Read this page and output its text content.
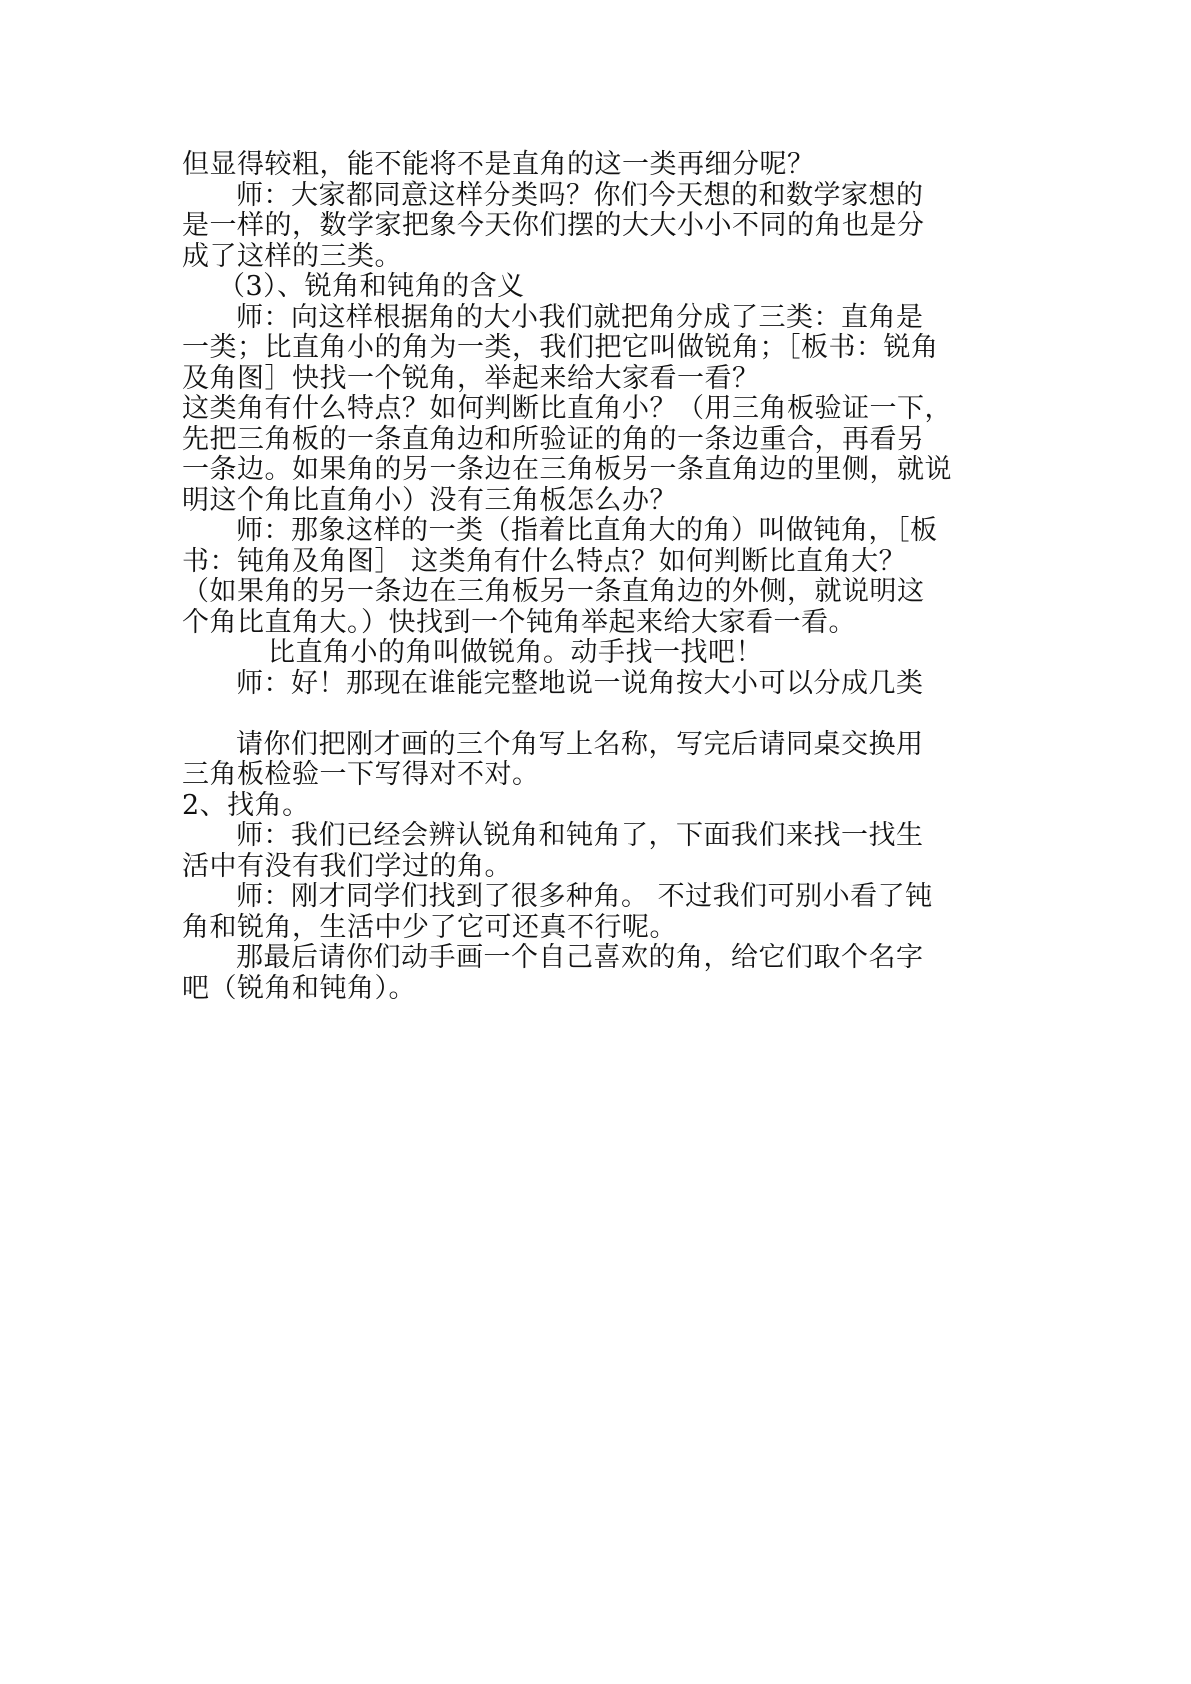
但显得较粗，能不能将不是直角的这一类再细分呢？
师：大家都同意这样分类吗？你们今天想的和数学家想的
是一样的，数学家把象今天你们摆的大大小小不同的角也是分
成了这样的三类。
（3）、锐角和钝角的含义
师：向这样根据角的大小我们就把角分成了三类：直角是
一类；比直角小的角为一类，我们把它叫做锐角；［板书：锐角
及角图］快找一个锐角，举起来给大家看一看？
这类角有什么特点？如何判断比直角小？（用三角板验证一下，
先把三角板的一条直角边和所验证的角的一条边重合，再看另
一条边。如果角的另一条边在三角板另一条直角边的里侧，就说
明这个角比直角小）没有三角板怎么办？
师：那象这样的一类（指着比直角大的角）叫做钝角，［板
书：钝角及角图］ 这类角有什么特点？如何判断比直角大？
（如果角的另一条边在三角板另一条直角边的外侧，就说明这
个角比直角大。）快找到一个钝角举起来给大家看一看。
比直角小的角叫做锐角。动手找一找吧！
师：好！那现在谁能完整地说一说角按大小可以分成几类
请你们把刚才画的三个角写上名称，写完后请同桌交换用
三角板检验一下写得对不对。
2、找角。
师：我们已经会辨认锐角和钝角了，下面我们来找一找生
活中有没有我们学过的角。
师：刚才同学们找到了很多种角。 不过我们可别小看了钝
角和锐角，生活中少了它可还真不行呢。
那最后请你们动手画一个自己喜欢的角，给它们取个名字
吧（锐角和钝角）。
